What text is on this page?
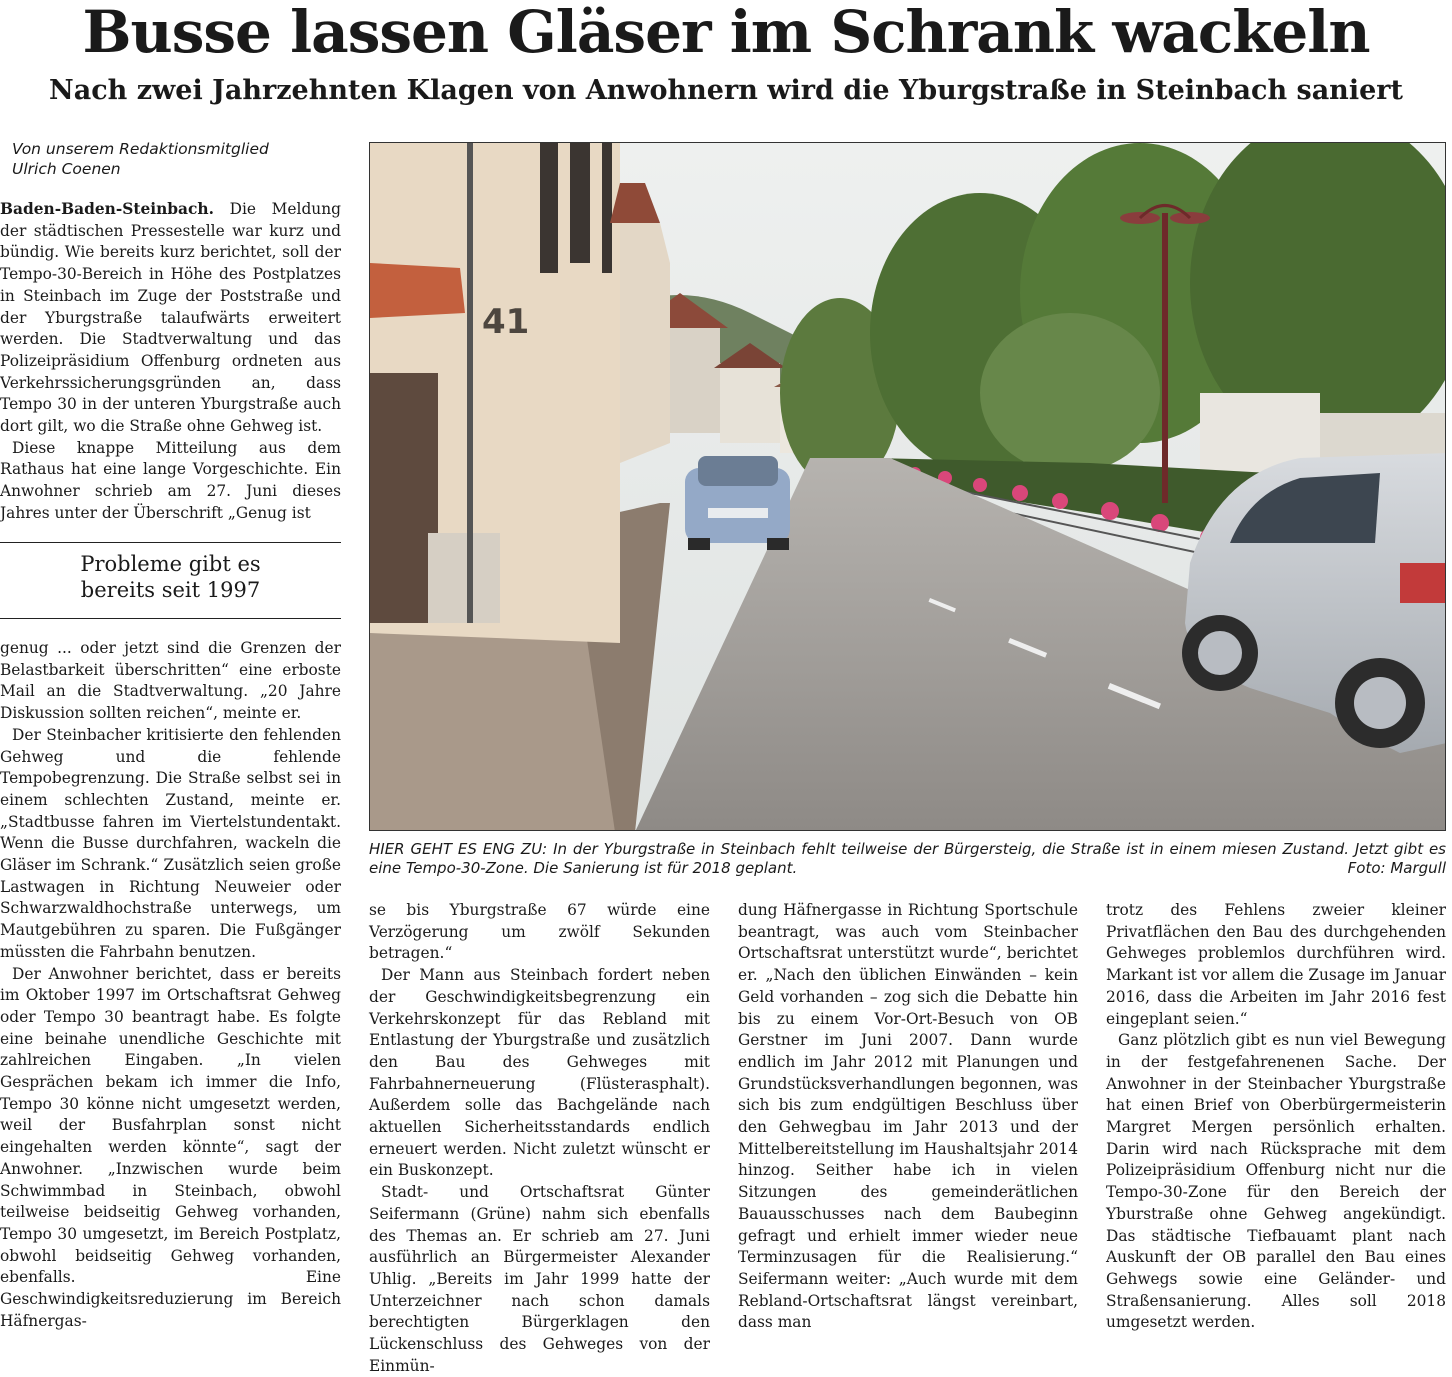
Busse lassen Gläser im Schrank wackeln
Nach zwei Jahrzehnten Klagen von Anwohnern wird die Yburgstraße in Steinbach saniert
Von unserem Redaktionsmitglied
Ulrich Coenen

Baden-Baden-Steinbach. Die Meldung der städtischen Pressestelle war kurz und bündig. Wie bereits kurz berichtet, soll der Tempo-30-Bereich in Höhe des Postplatzes in Steinbach im Zuge der Poststraße und der Yburgstraße talaufwärts erweitert werden. Die Stadtverwaltung und das Polizeipräsidium Offenburg ordneten aus Verkehrssicherungsgründen an, dass Tempo 30 in der unteren Yburgstraße auch dort gilt, wo die Straße ohne Gehweg ist.

Diese knappe Mitteilung aus dem Rathaus hat eine lange Vorgeschichte. Ein Anwohner schrieb am 27. Juni dieses Jahres unter der Überschrift „Genug ist

Probleme gibt es
bereits seit 1997

genug ... oder jetzt sind die Grenzen der Belastbarkeit überschritten“ eine erboste Mail an die Stadtverwaltung. „20 Jahre Diskussion sollten reichen“, meinte er.

Der Steinbacher kritisierte den fehlenden Gehweg und die fehlende Tempobegrenzung. Die Straße selbst sei in einem schlechten Zustand, meinte er. „Stadtbusse fahren im Viertelstundentakt. Wenn die Busse durchfahren, wackeln die Gläser im Schrank.“ Zusätzlich seien große Lastwagen in Richtung Neuweier oder Schwarzwaldhochstraße unterwegs, um Mautgebühren zu sparen. Die Fußgänger müssten die Fahrbahn benutzen.

Der Anwohner berichtet, dass er bereits im Oktober 1997 im Ortschaftsrat Gehweg oder Tempo 30 beantragt habe. Es folgte eine beinahe unendliche Geschichte mit zahlreichen Eingaben. „In vielen Gesprächen bekam ich immer die Info, Tempo 30 könne nicht umgesetzt werden, weil der Busfahrplan sonst nicht eingehalten werden könnte“, sagt der Anwohner. „Inzwischen wurde beim Schwimmbad in Steinbach, obwohl teilweise beidseitig Gehweg vorhanden, Tempo 30 umgesetzt, im Bereich Postplatz, obwohl beidseitig Gehweg vorhanden, ebenfalls. Eine Geschwindigkeitsreduzierung im Bereich Häfnergas-

41
HIER GEHT ES ENG ZU: In der Yburgstraße in Steinbach fehlt teilweise der Bürgersteig, die Straße ist in einem miesen Zustand. Jetzt gibt es eine Tempo-30-Zone. Die Sanierung ist für 2018 geplant.	Foto: Margull

se bis Yburgstraße 67 würde eine Verzögerung um zwölf Sekunden betragen.“

Der Mann aus Steinbach fordert neben der Geschwindigkeitsbegrenzung ein Verkehrskonzept für das Rebland mit Entlastung der Yburgstraße und zusätzlich den Bau des Gehweges mit Fahrbahnerneuerung (Flüsterasphalt). Außerdem solle das Bachgelände nach aktuellen Sicherheitsstandards endlich erneuert werden. Nicht zuletzt wünscht er ein Buskonzept.

Stadt- und Ortschaftsrat Günter Seifermann (Grüne) nahm sich ebenfalls des Themas an. Er schrieb am 27. Juni ausführlich an Bürgermeister Alexander Uhlig. „Bereits im Jahr 1999 hatte der Unterzeichner nach schon damals berechtigten Bürgerklagen den Lückenschluss des Gehweges von der Einmün-

dung Häfnergasse in Richtung Sportschule beantragt, was auch vom Steinbacher Ortschaftsrat unterstützt wurde“, berichtet er. „Nach den üblichen Einwänden – kein Geld vorhanden – zog sich die Debatte hin bis zu einem Vor-Ort-Besuch von OB Gerstner im Juni 2007. Dann wurde endlich im Jahr 2012 mit Planungen und Grundstücksverhandlungen begonnen, was sich bis zum endgültigen Beschluss über den Gehwegbau im Jahr 2013 und der Mittelbereitstellung im Haushaltsjahr 2014 hinzog. Seither habe ich in vielen Sitzungen des gemeinderätlichen Bauausschusses nach dem Baubeginn gefragt und erhielt immer wieder neue Terminzusagen für die Realisierung.“ Seifermann weiter: „Auch wurde mit dem Rebland-Ortschaftsrat längst vereinbart, dass man

trotz des Fehlens zweier kleiner Privatflächen den Bau des durchgehenden Gehweges problemlos durchführen wird. Markant ist vor allem die Zusage im Januar 2016, dass die Arbeiten im Jahr 2016 fest eingeplant seien.“

Ganz plötzlich gibt es nun viel Bewegung in der festgefahrenenen Sache. Der Anwohner in der Steinbacher Yburgstraße hat einen Brief von Oberbürgermeisterin Margret Mergen persönlich erhalten. Darin wird nach Rücksprache mit dem Polizeipräsidium Offenburg nicht nur die Tempo-30-Zone für den Bereich der Yburstraße ohne Gehweg angekündigt. Das städtische Tiefbauamt plant nach Auskunft der OB parallel den Bau eines Gehwegs sowie eine Geländer- und Straßensanierung. Alles soll 2018 umgesetzt werden.
